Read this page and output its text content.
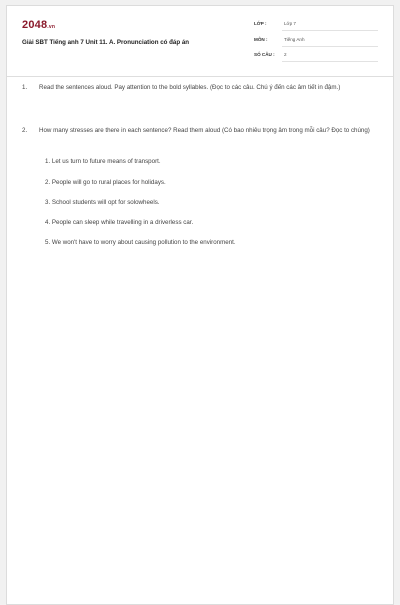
2048.vn
Giải SBT Tiếng anh 7 Unit 11. A. Pronunciation có đáp án
LỚP :	Lớp 7
MÔN :	Tiếng Anh
SỐ CÂU : 2
1. Read the sentences aloud. Pay attention to the bold syllables. (Đọc to các câu. Chú ý đến các âm tiết in đậm.)
2. How many stresses are there in each sentence? Read them aloud (Có bao nhiêu trọng âm trong mỗi câu? Đọc to chúng)
1. Let us turn to future means of transport.
2. People will go to rural places for holidays.
3. School students will opt for solowheels.
4. People can sleep while travelling in a driverless car.
5. We won't have to worry about causing pollution to the environment.
